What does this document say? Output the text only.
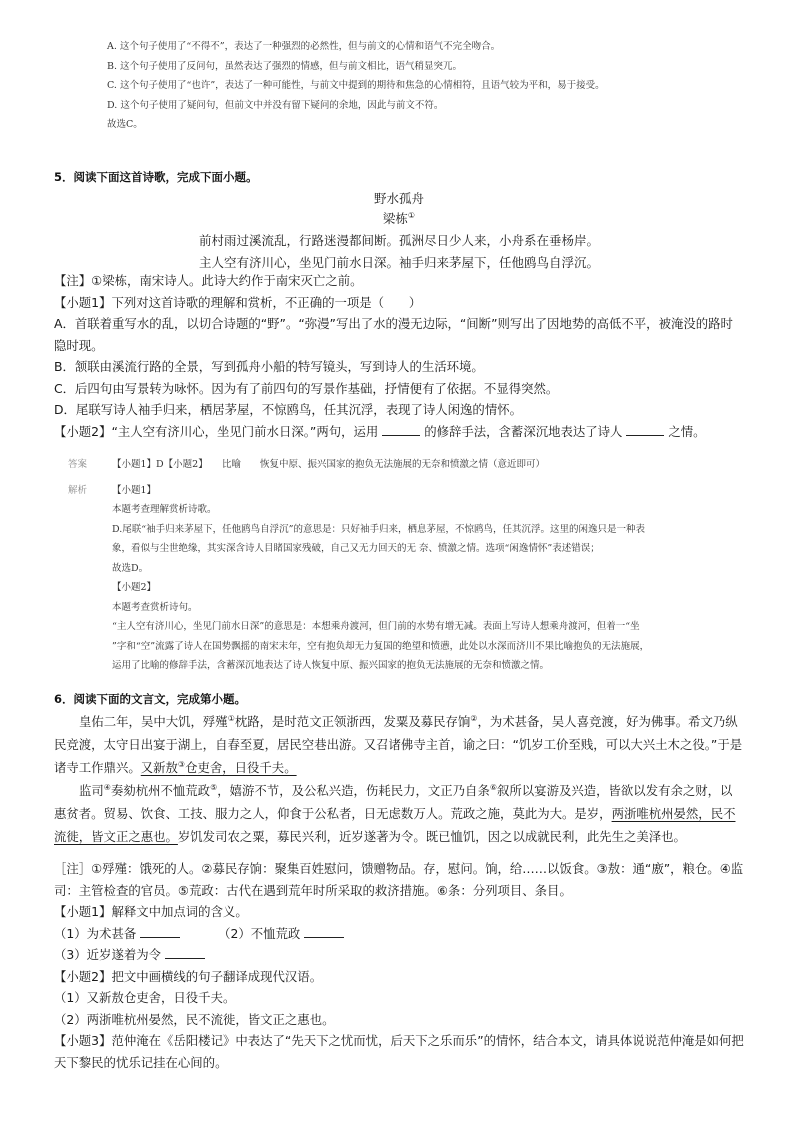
A. 这个句子使用了“不得不”，表达了一种强烈的必然性，但与前文的心情和语气不完全吻合。
B. 这个句子使用了反问句，虽然表达了强烈的情感，但与前文相比，语气稍显突兀。
C. 这个句子使用了“也许”，表达了一种可能性，与前文中提到的期待和焦急的心情相符，且语气较为平和，易于接受。
D. 这个句子使用了疑问句，但前文中并没有留下疑问的余地，因此与前文不符。
故选C。
5．阅读下面这首诗歌，完成下面小题。
野水孤舟
梁栋①
前村雨过溪流乱，行路迷漫都间断。孤洲尽日少人来，小舟系在垂杨岸。
主人空有济川心，坐见门前水日深。袖手归来茅屋下，任他鸥鸟自浮沉。
【注】①梁栋，南宋诗人。此诗大约作于南宋灭亡之前。
【小题1】下列对这首诗歌的理解和赏析，不正确的一项是（　　）
A．首联着重写水的乱，以切合诗题的“野”。“弥漫”写出了水的漫无边际，“间断”则写出了因地势的高低不平，被淹没的路时隐时现。
B．颔联由溪流行路的全景，写到孤舟小船的特写镜头，写到诗人的生活环境。
C．后四句由写景转为咏怀。因为有了前四句的写景作基础，抒情便有了依据。不显得突然。
D．尾联写诗人袖手归来，栖居茅屋，不惊鸥鸟，任其沉浮，表现了诗人闲逸的情怀。
【小题2】“主人空有济川心，坐见门前水日深。”两句，运用	的修辞手法，含蓄深沉地表达了诗人	之情。
答案	【小题1】D【小题2】　　比喻　　恢复中原、振兴国家的抱负无法施展的无奈和愤激之情（意近即可）
解析	【小题1】
本题考查理解赏析诗歌。
D.尾联“袖手归来茅屋下，任他鸥鸟自浮沉”的意思是：只好袖手归来，栖息茅屋，不惊鸥鸟，任其沉浮。这里的闲逸只是一种表
象，看似与尘世绝缘，其实深含诗人目睹国家残破，自己又无力回天的无 奈、愤激之情。选项“闲逸情怀”表述错误；
故选D。
【小题2】
本题考查赏析诗句。
“主人空有济川心，坐见门前水日深”的意思是：本想乘舟渡河，但门前的水势有增无减。表面上写诗人想乘舟渡河，但着一“坐
”字和“空”流露了诗人在国势飘摇的南宋末年，空有抱负却无力复国的绝望和愤懑，此处以水深而济川不果比喻抱负的无法施展，
运用了比喻的修辞手法，含蓄深沉地表达了诗人恢复中原、振兴国家的抱负无法施展的无奈和愤激之情。
6．阅读下面的文言文，完成第小题。
皇佑二年，吴中大饥，殍殣①枕路，是时范文正领浙西，发粟及募民存饷②，为术甚备，吴人喜竞渡，好为佛事。希文乃纵民竞渡，太守日出宴于湖上，自春至夏，居民空巷出游。又召诸佛寺主首，谕之曰：“饥岁工价至贱，可以大兴土木之役。”于是诸寺工作鼎兴。又新敖③仓吏舍，日役千夫。
监司④奏劾杭州不恤荒政⑤，嬉游不节，及公私兴造，伤耗民力，文正乃自条⑥叙所以宴游及兴造，皆欲以发有余之财，以惠贫者。贸易、饮食、工技、服力之人，仰食于公私者，日无虑数万人。荒政之施，莫此为大。是岁，两浙唯杭州晏然，民不流徙，皆文正之惠也。岁饥发司农之粟，募民兴利，近岁遂著为令。既已恤饥，因之以成就民利，此先生之美泽也。
［注］①殍殣：饿死的人。②募民存饷：聚集百姓慰问，馈赠物品。存，慰问。饷，给……以饭食。③敖：通“廒”，粮仓。④监
司：主管检查的官员。⑤荒政：古代在遇到荒年时所采取的救济措施。⑥条：分列项目、条目。
【小题1】解释文中加点词的含义。
（1）为术甚备	（2）不恤荒政
（3）近岁遂着为令
【小题2】把文中画横线的句子翻译成现代汉语。
（1）又新敖仓吏舍，日役千夫。
（2）两浙唯杭州晏然，民不流徙，皆文正之惠也。
【小题3】范仲淹在《岳阳楼记》中表达了“先天下之忧而忧，后天下之乐而乐”的情怀，结合本文，请具体说说范仲淹是如何把
天下黎民的忧乐记挂在心间的。
